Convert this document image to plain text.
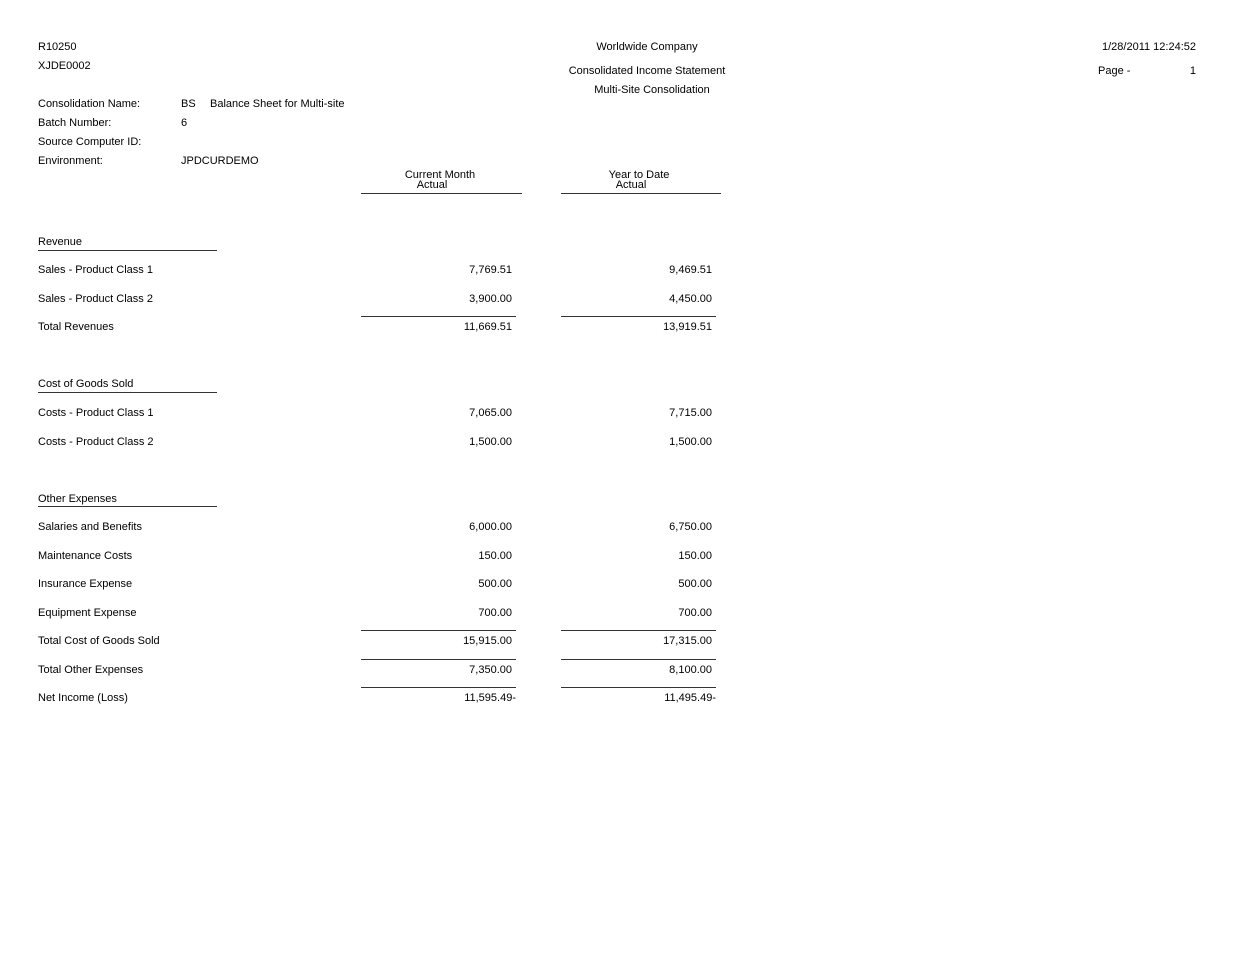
R10250
XJDE0002
Worldwide Company
Consolidated Income Statement
Multi-Site Consolidation
1/28/2011 12:24:52
Page -	1
Consolidation Name:	BS Balance Sheet for Multi-site
Batch Number:	6
Source Computer ID:
Environment:	JPDCURDEMO
Current Month
Actual
Year to Date
Actual
Revenue
Sales - Product Class 1	7,769.51	9,469.51
Sales - Product Class 2	3,900.00	4,450.00
Total Revenues	11,669.51	13,919.51
Cost of Goods Sold
Costs - Product Class 1	7,065.00	7,715.00
Costs - Product Class 2	1,500.00	1,500.00
Other Expenses
Salaries and Benefits	6,000.00	6,750.00
Maintenance Costs	150.00	150.00
Insurance Expense	500.00	500.00
Equipment Expense	700.00	700.00
Total Cost of Goods Sold	15,915.00	17,315.00
Total Other Expenses	7,350.00	8,100.00
Net Income (Loss)	11,595.49-	11,495.49-
